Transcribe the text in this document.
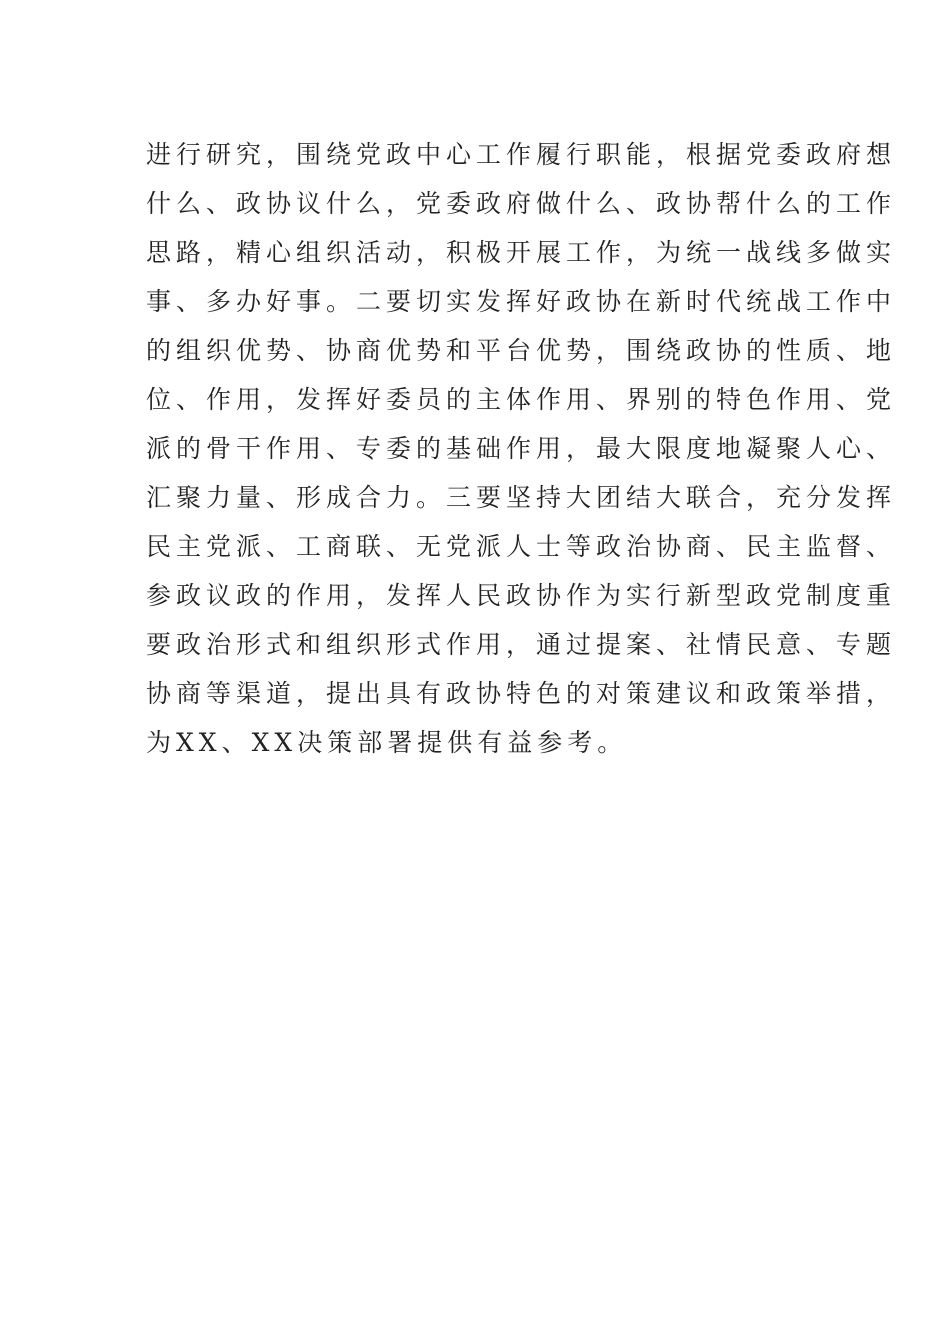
进行研究，围绕党政中心工作履行职能，根据党委政府想
什么、政协议什么，党委政府做什么、政协帮什么的工作
思路，精心组织活动，积极开展工作，为统一战线多做实
事、多办好事。二要切实发挥好政协在新时代统战工作中
的组织优势、协商优势和平台优势，围绕政协的性质、地
位、作用，发挥好委员的主体作用、界别的特色作用、党
派的骨干作用、专委的基础作用，最大限度地凝聚人心、
汇聚力量、形成合力。三要坚持大团结大联合，充分发挥
民主党派、工商联、无党派人士等政治协商、民主监督、
参政议政的作用，发挥人民政协作为实行新型政党制度重
要政治形式和组织形式作用，通过提案、社情民意、专题
协商等渠道，提出具有政协特色的对策建议和政策举措，
为XX、XX决策部署提供有益参考。
